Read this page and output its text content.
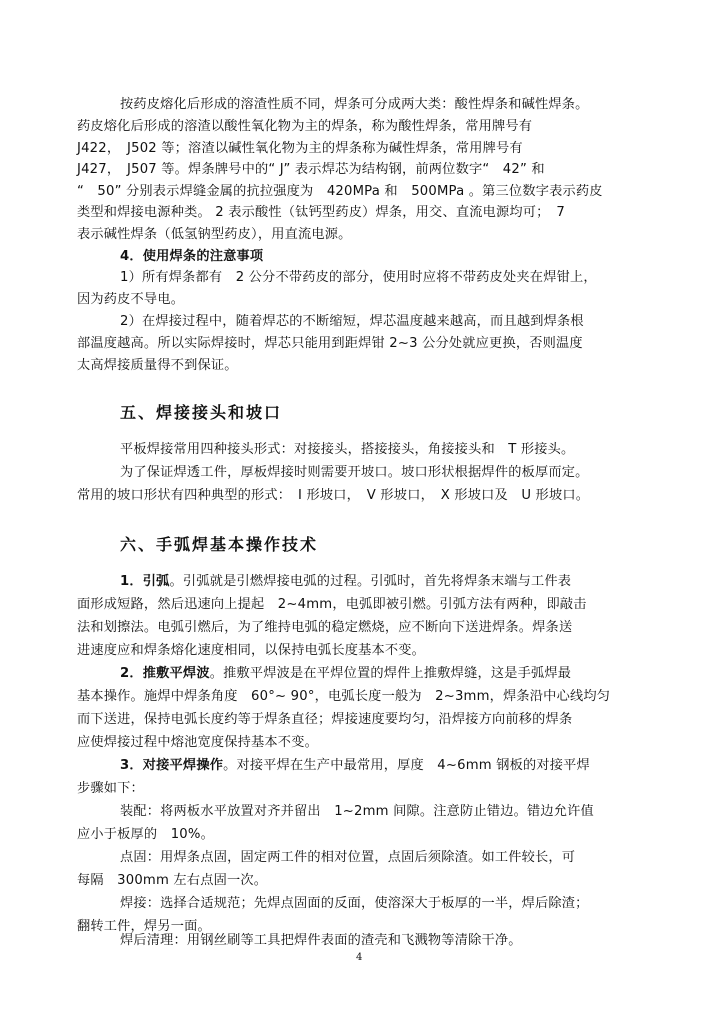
按药皮熔化后形成的溶渣性质不同，焊条可分成两大类：酸性焊条和碱性焊条。
药皮熔化后形成的溶渣以酸性氧化物为主的焊条，称为酸性焊条，常用牌号有
J422，　J502 等；溶渣以碱性氧化物为主的焊条称为碱性焊条，常用牌号有
J427，　J507 等。焊条牌号中的“ J” 表示焊芯为结构钢，前两位数字“　42” 和
“　50” 分别表示焊缝金属的抗拉强度为　420MPa 和　500MPa 。第三位数字表示药皮
类型和焊接电源种类。 2 表示酸性（钛钙型药皮）焊条，用交、直流电源均可；　7
表示碱性焊条（低氢钠型药皮），用直流电源。
4．使用焊条的注意事项
1）所有焊条都有　2 公分不带药皮的部分，使用时应将不带药皮处夹在焊钳上，
因为药皮不导电。
2）在焊接过程中，随着焊芯的不断缩短，焊芯温度越来越高，而且越到焊条根
部温度越高。所以实际焊接时，焊芯只能用到距焊钳 2~3 公分处就应更换，否则温度
太高焊接质量得不到保证。
五、焊接接头和坡口
平板焊接常用四种接头形式：对接接头，搭接接头，角接接头和　T 形接头。
为了保证焊透工件，厚板焊接时则需要开坡口。坡口形状根据焊件的板厚而定。
常用的坡口形状有四种典型的形式：　I 形坡口，　V 形坡口，　X 形坡口及　U 形坡口。
六、手弧焊基本操作技术
1．引弧。引弧就是引燃焊接电弧的过程。引弧时，首先将焊条末端与工件表
面形成短路，然后迅速向上提起　2~4mm，电弧即被引燃。引弧方法有两种，即敲击
法和划擦法。电弧引燃后，为了维持电弧的稳定燃烧，应不断向下送进焊条。焊条送
进速度应和焊条熔化速度相同，以保持电弧长度基本不变。
2．推敷平焊波。推敷平焊波是在平焊位置的焊件上推敷焊缝，这是手弧焊最
基本操作。施焊中焊条角度　60°~ 90°，电弧长度一般为　2~3mm，焊条沿中心线均匀
而下送进，保持电弧长度约等于焊条直径；焊接速度要均匀，沿焊接方向前移的焊条
应使焊接过程中熔池宽度保持基本不变。
3．对接平焊操作。对接平焊在生产中最常用，厚度　4~6mm 钢板的对接平焊
步骤如下：
装配：将两板水平放置对齐并留出　1~2mm 间隙。注意防止错边。错边允许值
应小于板厚的　10%。
点固：用焊条点固，固定两工件的相对位置，点固后须除渣。如工件较长，可
每隔　300mm 左右点固一次。
焊接：选择合适规范；先焊点固面的反面，使溶深大于板厚的一半，焊后除渣；
翻转工件，焊另一面。
焊后清理：用钢丝刷等工具把焊件表面的渣壳和飞溅物等清除干净。
4
